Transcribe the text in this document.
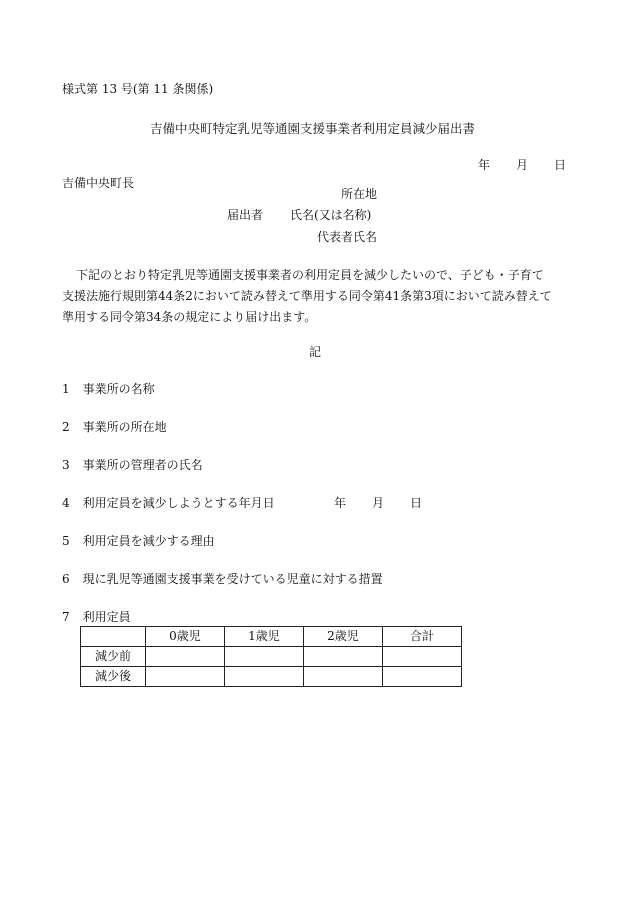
様式第 13 号(第 11 条関係)
吉備中央町特定乳児等通園支援事業者利用定員減少届出書
年 月 日
吉備中央町長
所在地
届出者 氏名(又は名称)
代表者氏名

下記のとおり特定乳児等通園支援事業者の利用定員を減少したいので、子ども・子育て

支援法施行規則第44条2において読み替えて準用する同令第41条第3項において読み替えて

準用する同令第34条の規定により届け出ます。

記
1 事業所の名称
2 事業所の所在地
3 事業所の管理者の氏名
4 利用定員を減少しようとする年月日	年 月 日
5 利用定員を減少する理由
6 現に乳児等通園支援事業を受けている児童に対する措置
7 利用定員
	0歳児	1歳児	2歳児	合計
減少前				
減少後				
